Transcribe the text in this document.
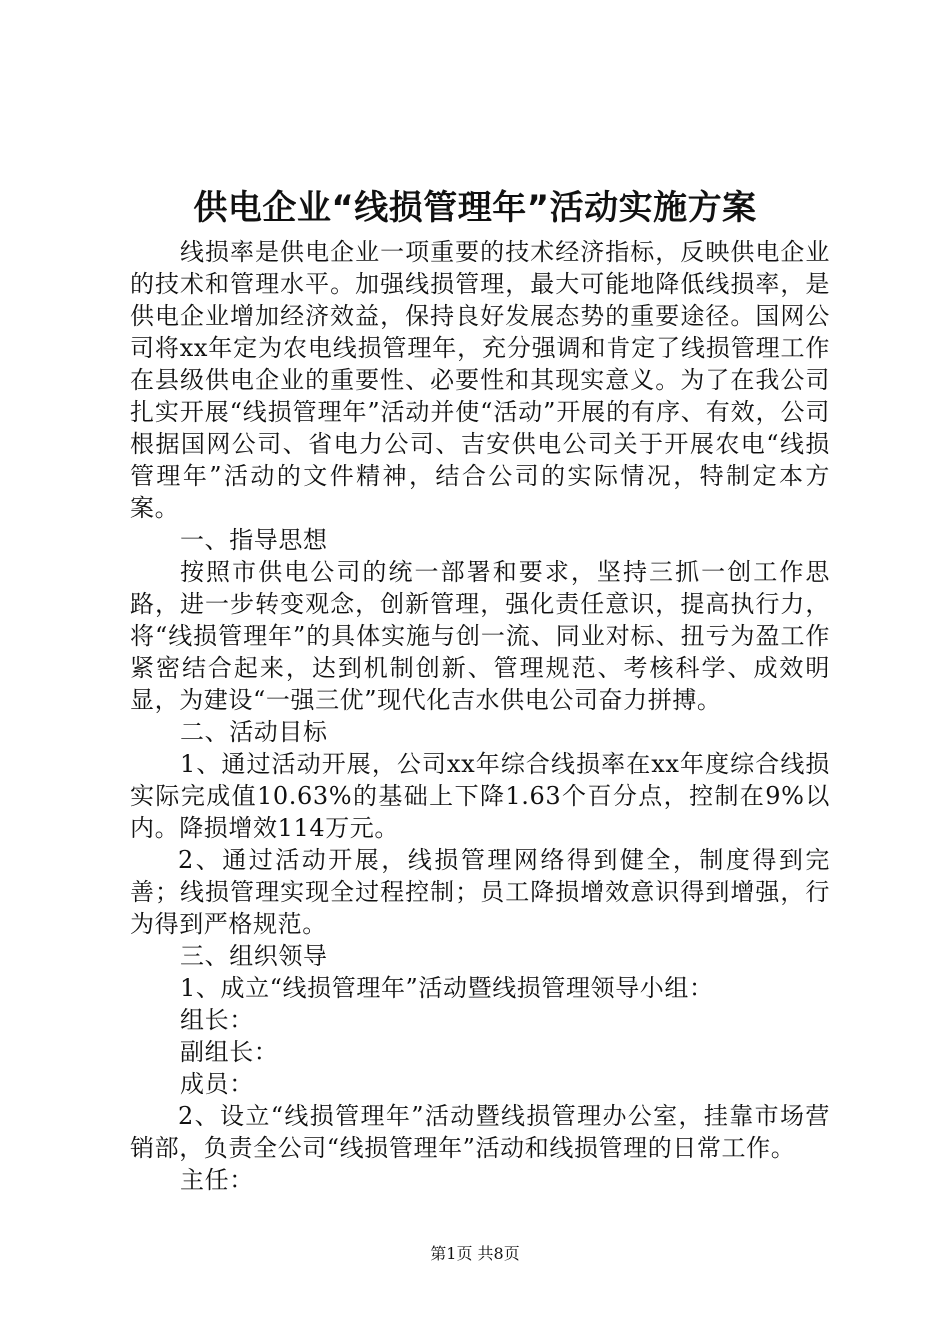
供电企业“线损管理年”活动实施方案

线损率是供电企业一项重要的技术经济指标，反映供电企业的技术和管理水平。加强线损管理，最大可能地降低线损率，是供电企业增加经济效益，保持良好发展态势的重要途径。国网公司将xx年定为农电线损管理年，充分强调和肯定了线损管理工作在县级供电企业的重要性、必要性和其现实意义。为了在我公司扎实开展“线损管理年”活动并使“活动”开展的有序、有效，公司根据国网公司、省电力公司、吉安供电公司关于开展农电“线损管理年”活动的文件精神，结合公司的实际情况，特制定本方案。

一、指导思想

按照市供电公司的统一部署和要求，坚持三抓一创工作思路，进一步转变观念，创新管理，强化责任意识，提高执行力，将“线损管理年”的具体实施与创一流、同业对标、扭亏为盈工作紧密结合起来，达到机制创新、管理规范、考核科学、成效明显，为建设“一强三优”现代化吉水供电公司奋力拼搏。

二、活动目标

1、通过活动开展，公司xx年综合线损率在xx年度综合线损实际完成值10.63%的基础上下降1.63个百分点，控制在9%以内。降损增效114万元。

2、通过活动开展，线损管理网络得到健全，制度得到完善；线损管理实现全过程控制；员工降损增效意识得到增强，行为得到严格规范。

三、组织领导

1、成立“线损管理年”活动暨线损管理领导小组：

组长：

副组长：

成员：

2、设立“线损管理年”活动暨线损管理办公室，挂靠市场营销部，负责全公司“线损管理年”活动和线损管理的日常工作。

主任：

第1页 共8页
